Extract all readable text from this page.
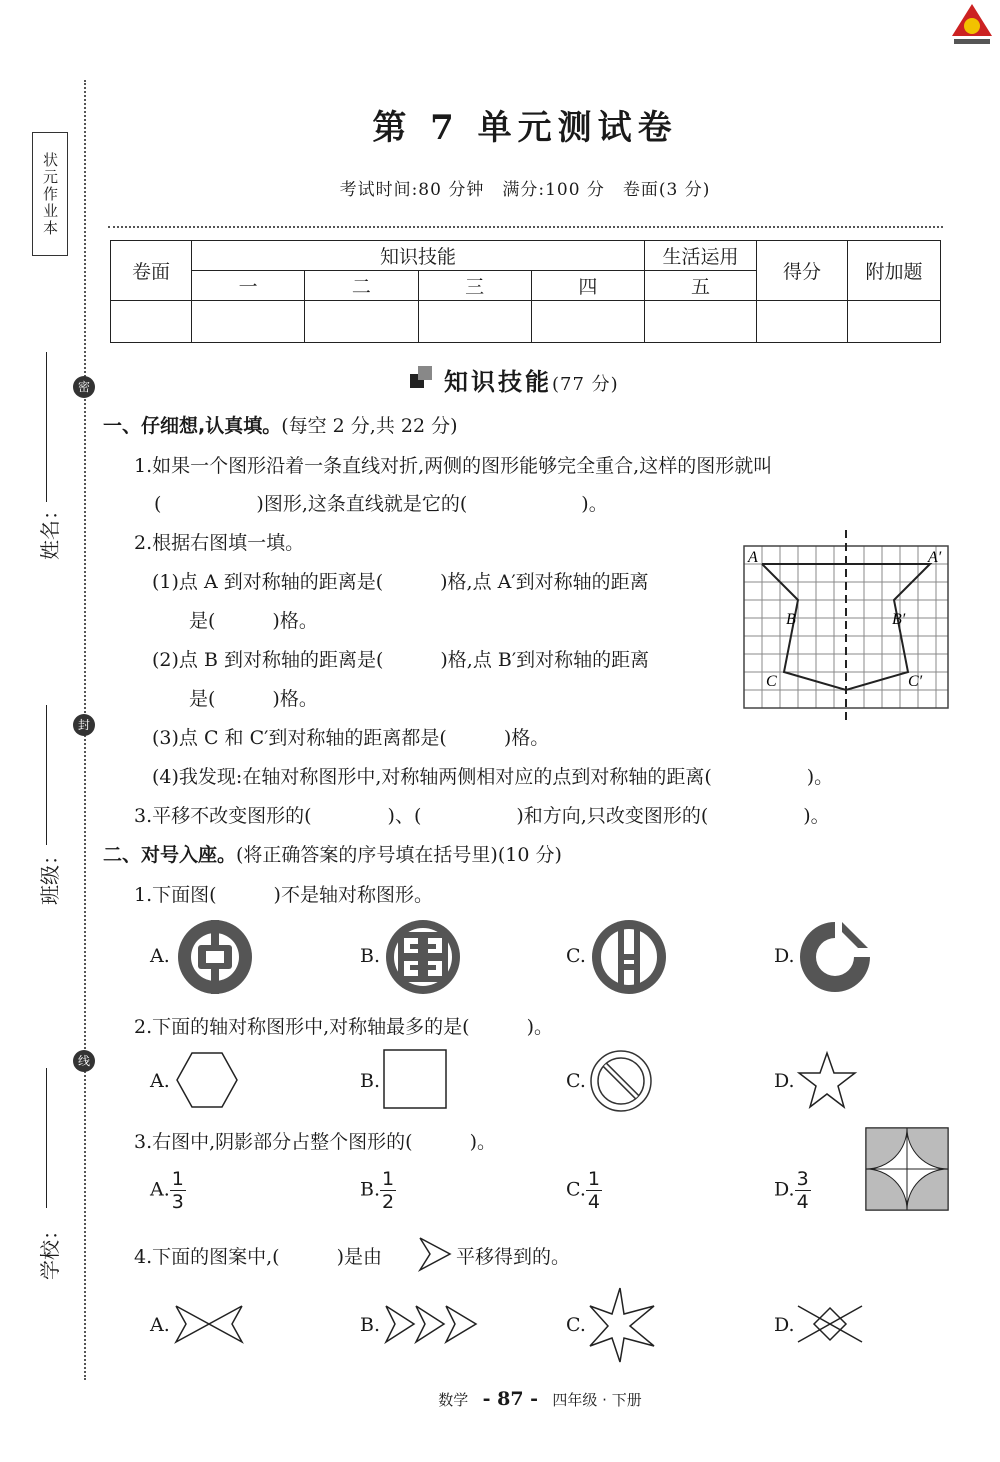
状元作业本
密
封
线
姓名：
班级：
学校：
第 7 单元测试卷
考试时间:80 分钟　满分:100 分　卷面(3 分)
卷面	知识技能				生活运用	得分	附加题
	一	二	三	四	五		

知识技能(77 分)
一、仔细想,认真填。(每空 2 分,共 22 分)
1.如果一个图形沿着一条直线对折,两侧的图形能够完全重合,这样的图形就叫
(　　　　　)图形,这条直线就是它的(　　　　　　)。
2.根据右图填一填。
(1)点 A 到对称轴的距离是(　　　)格,点 A′到对称轴的距离
是(　　　)格。
(2)点 B 到对称轴的距离是(　　　)格,点 B′到对称轴的距离
是(　　　)格。
(3)点 C 和 C′到对称轴的距离都是(　　　)格。
(4)我发现:在轴对称图形中,对称轴两侧相对应的点到对称轴的距离(　　　　　)。
3.平移不改变图形的(　　　　)、(　　　　　)和方向,只改变图形的(　　　　　)。
A	A′
B	B′
C	C′
二、对号入座。(将正确答案的序号填在括号里)(10 分)
1.下面图(　　　)不是轴对称图形。
A.	B.	C.	D.
2.下面的轴对称图形中,对称轴最多的是(　　　)。
A.	B.	C.	D.
3.右图中,阴影部分占整个图形的(　　　)。
A. $\frac{1}{3}$	B. $\frac{1}{2}$	C. $\frac{1}{4}$	D. $\frac{3}{4}$
4.下面的图案中,(　　　)是由	平移得到的。
A.	B.	C.	D.
数学 - 87 - 四年级 · 下册
